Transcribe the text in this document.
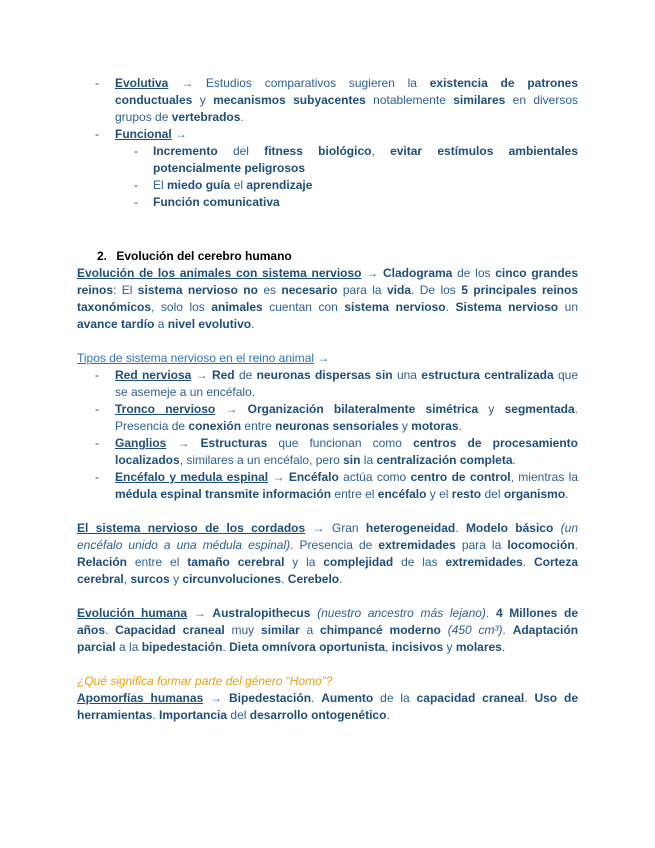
- Evolutiva → Estudios comparativos sugieren la existencia de patrones conductuales y mecanismos subyacentes notablemente similares en diversos grupos de vertebrados.
- Funcional →
- Incremento del fitness biológico, evitar estímulos ambientales potencialmente peligrosos
- El miedo guía el aprendizaje
- Función comunicativa
2. Evolución del cerebro humano

Evolución de los animales con sistema nervioso → Cladograma de los cinco grandes reinos: El sistema nervioso no es necesario para la vida. De los 5 principales reinos taxonómicos, solo los animales cuentan con sistema nervioso. Sistema nervioso un avance tardío a nivel evolutivo.

Tipos de sistema nervioso en el reino animal →

- Red nerviosa → Red de neuronas dispersas sin una estructura centralizada que se asemeje a un encéfalo.
- Tronco nervioso → Organización bilateralmente simétrica y segmentada. Presencia de conexión entre neuronas sensoriales y motoras.
- Ganglios → Estructuras que funcionan como centros de procesamiento localizados, similares a un encéfalo, pero sin la centralización completa.
- Encéfalo y medula espinal → Encéfalo actúa como centro de control, mientras la médula espinal transmite información entre el encéfalo y el resto del organismo.

El sistema nervioso de los cordados → Gran heterogeneidad. Modelo básico (un encéfalo unido a una médula espinal). Presencia de extremidades para la locomoción. Relación entre el tamaño cerebral y la complejidad de las extremidades. Corteza cerebral, surcos y circunvoluciones. Cerebelo.

Evolución humana → Australopithecus (nuestro ancestro más lejano). 4 Millones de años. Capacidad craneal muy similar a chimpancé moderno (450 cm³). Adaptación parcial a la bipedestación. Dieta omnívora oportunista, incisivos y molares.

¿Qué significa formar parte del género “Homo”?

Apomorfías humanas → Bipedestación. Aumento de la capacidad craneal. Uso de herramientas. Importancia del desarrollo ontogenético.
